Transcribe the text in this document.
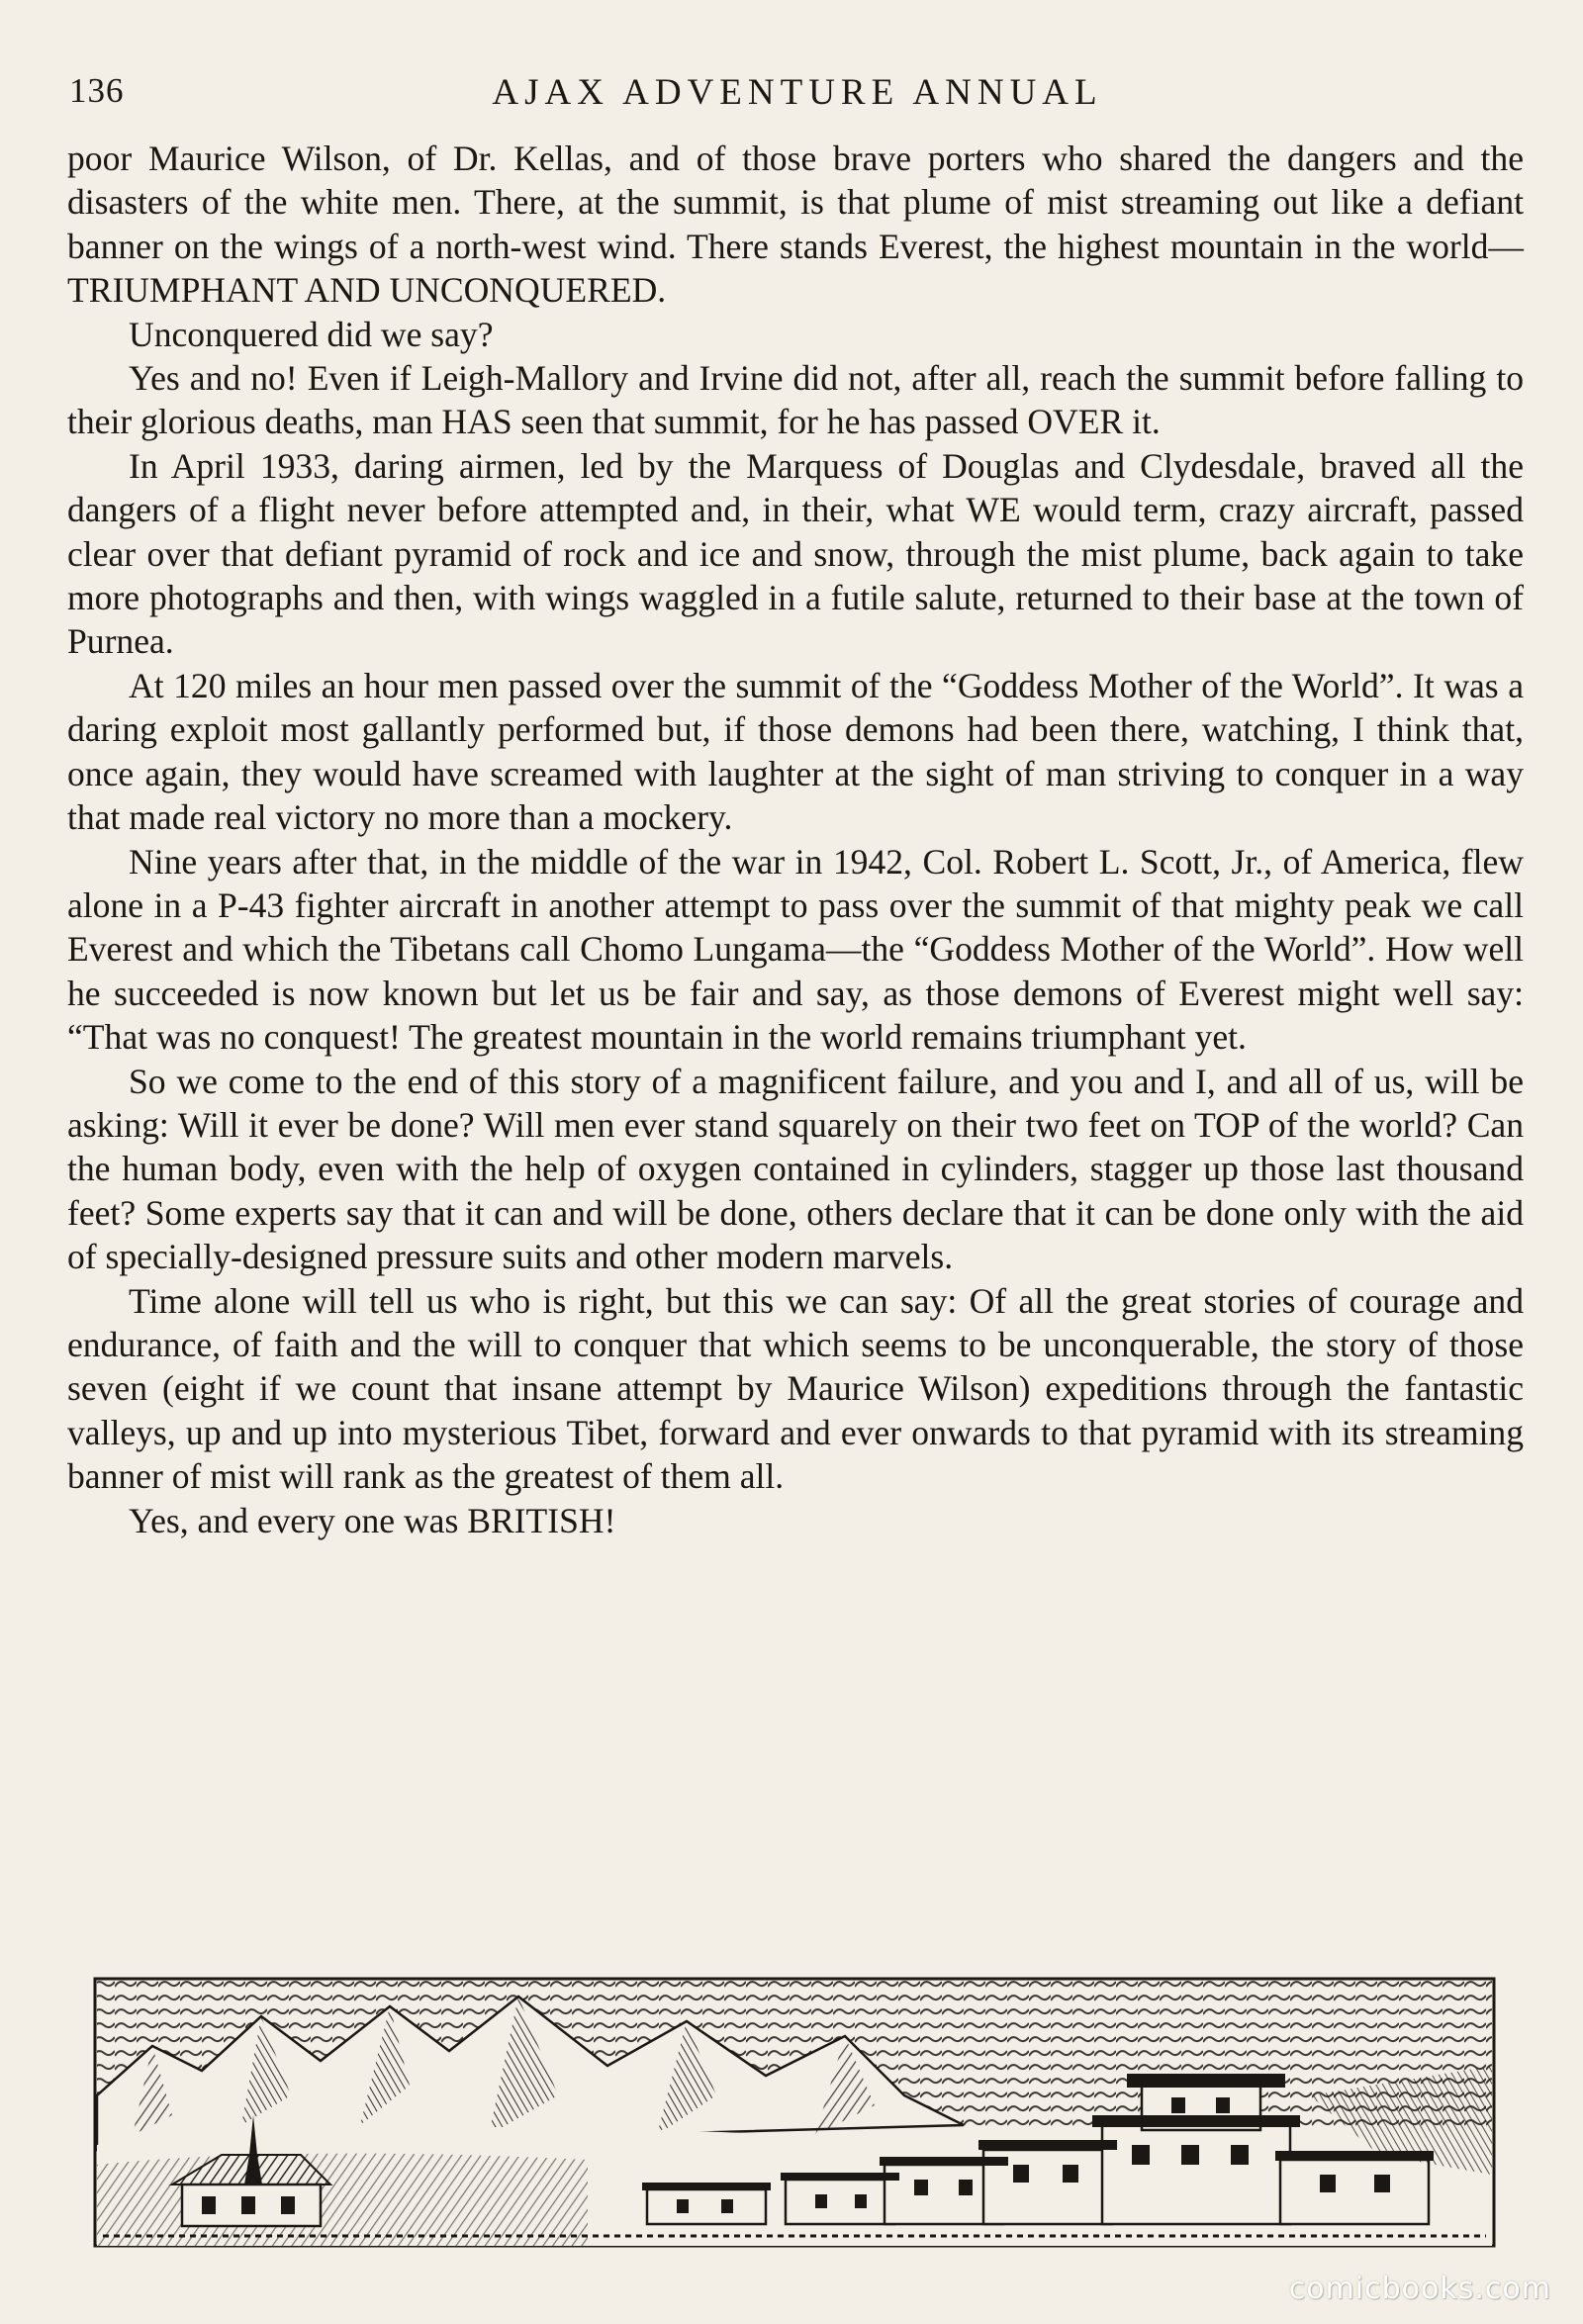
136	AJAX ADVENTURE ANNUAL

poor Maurice Wilson, of Dr. Kellas, and of those brave porters who shared the dangers and the disasters of the white men. There, at the summit, is that plume of mist streaming out like a defiant banner on the wings of a north-west wind. There stands Everest, the highest mountain in the world—TRIUMPHANT AND UNCONQUERED.

Unconquered did we say?

Yes and no! Even if Leigh-Mallory and Irvine did not, after all, reach the summit before falling to their glorious deaths, man HAS seen that summit, for he has passed OVER it.

In April 1933, daring airmen, led by the Marquess of Douglas and Clydesdale, braved all the dangers of a flight never before attempted and, in their, what WE would term, crazy aircraft, passed clear over that defiant pyramid of rock and ice and snow, through the mist plume, back again to take more photographs and then, with wings waggled in a futile salute, returned to their base at the town of Purnea.

At 120 miles an hour men passed over the summit of the “Goddess Mother of the World”. It was a daring exploit most gallantly performed but, if those demons had been there, watching, I think that, once again, they would have screamed with laughter at the sight of man striving to conquer in a way that made real victory no more than a mockery.

Nine years after that, in the middle of the war in 1942, Col. Robert L. Scott, Jr., of America, flew alone in a P-43 fighter aircraft in another attempt to pass over the summit of that mighty peak we call Everest and which the Tibetans call Chomo Lungama—the “Goddess Mother of the World”. How well he succeeded is now known but let us be fair and say, as those demons of Everest might well say: “That was no conquest! The greatest mountain in the world remains triumphant yet.

So we come to the end of this story of a magnificent failure, and you and I, and all of us, will be asking: Will it ever be done? Will men ever stand squarely on their two feet on TOP of the world? Can the human body, even with the help of oxygen contained in cylinders, stagger up those last thousand feet? Some experts say that it can and will be done, others declare that it can be done only with the aid of specially-designed pressure suits and other modern marvels.

Time alone will tell us who is right, but this we can say: Of all the great stories of courage and endurance, of faith and the will to conquer that which seems to be unconquerable, the story of those seven (eight if we count that insane attempt by Maurice Wilson) expeditions through the fantastic valleys, up and up into mysterious Tibet, forward and ever onwards to that pyramid with its streaming banner of mist will rank as the greatest of them all.

Yes, and every one was BRITISH!

comicbooks.com
